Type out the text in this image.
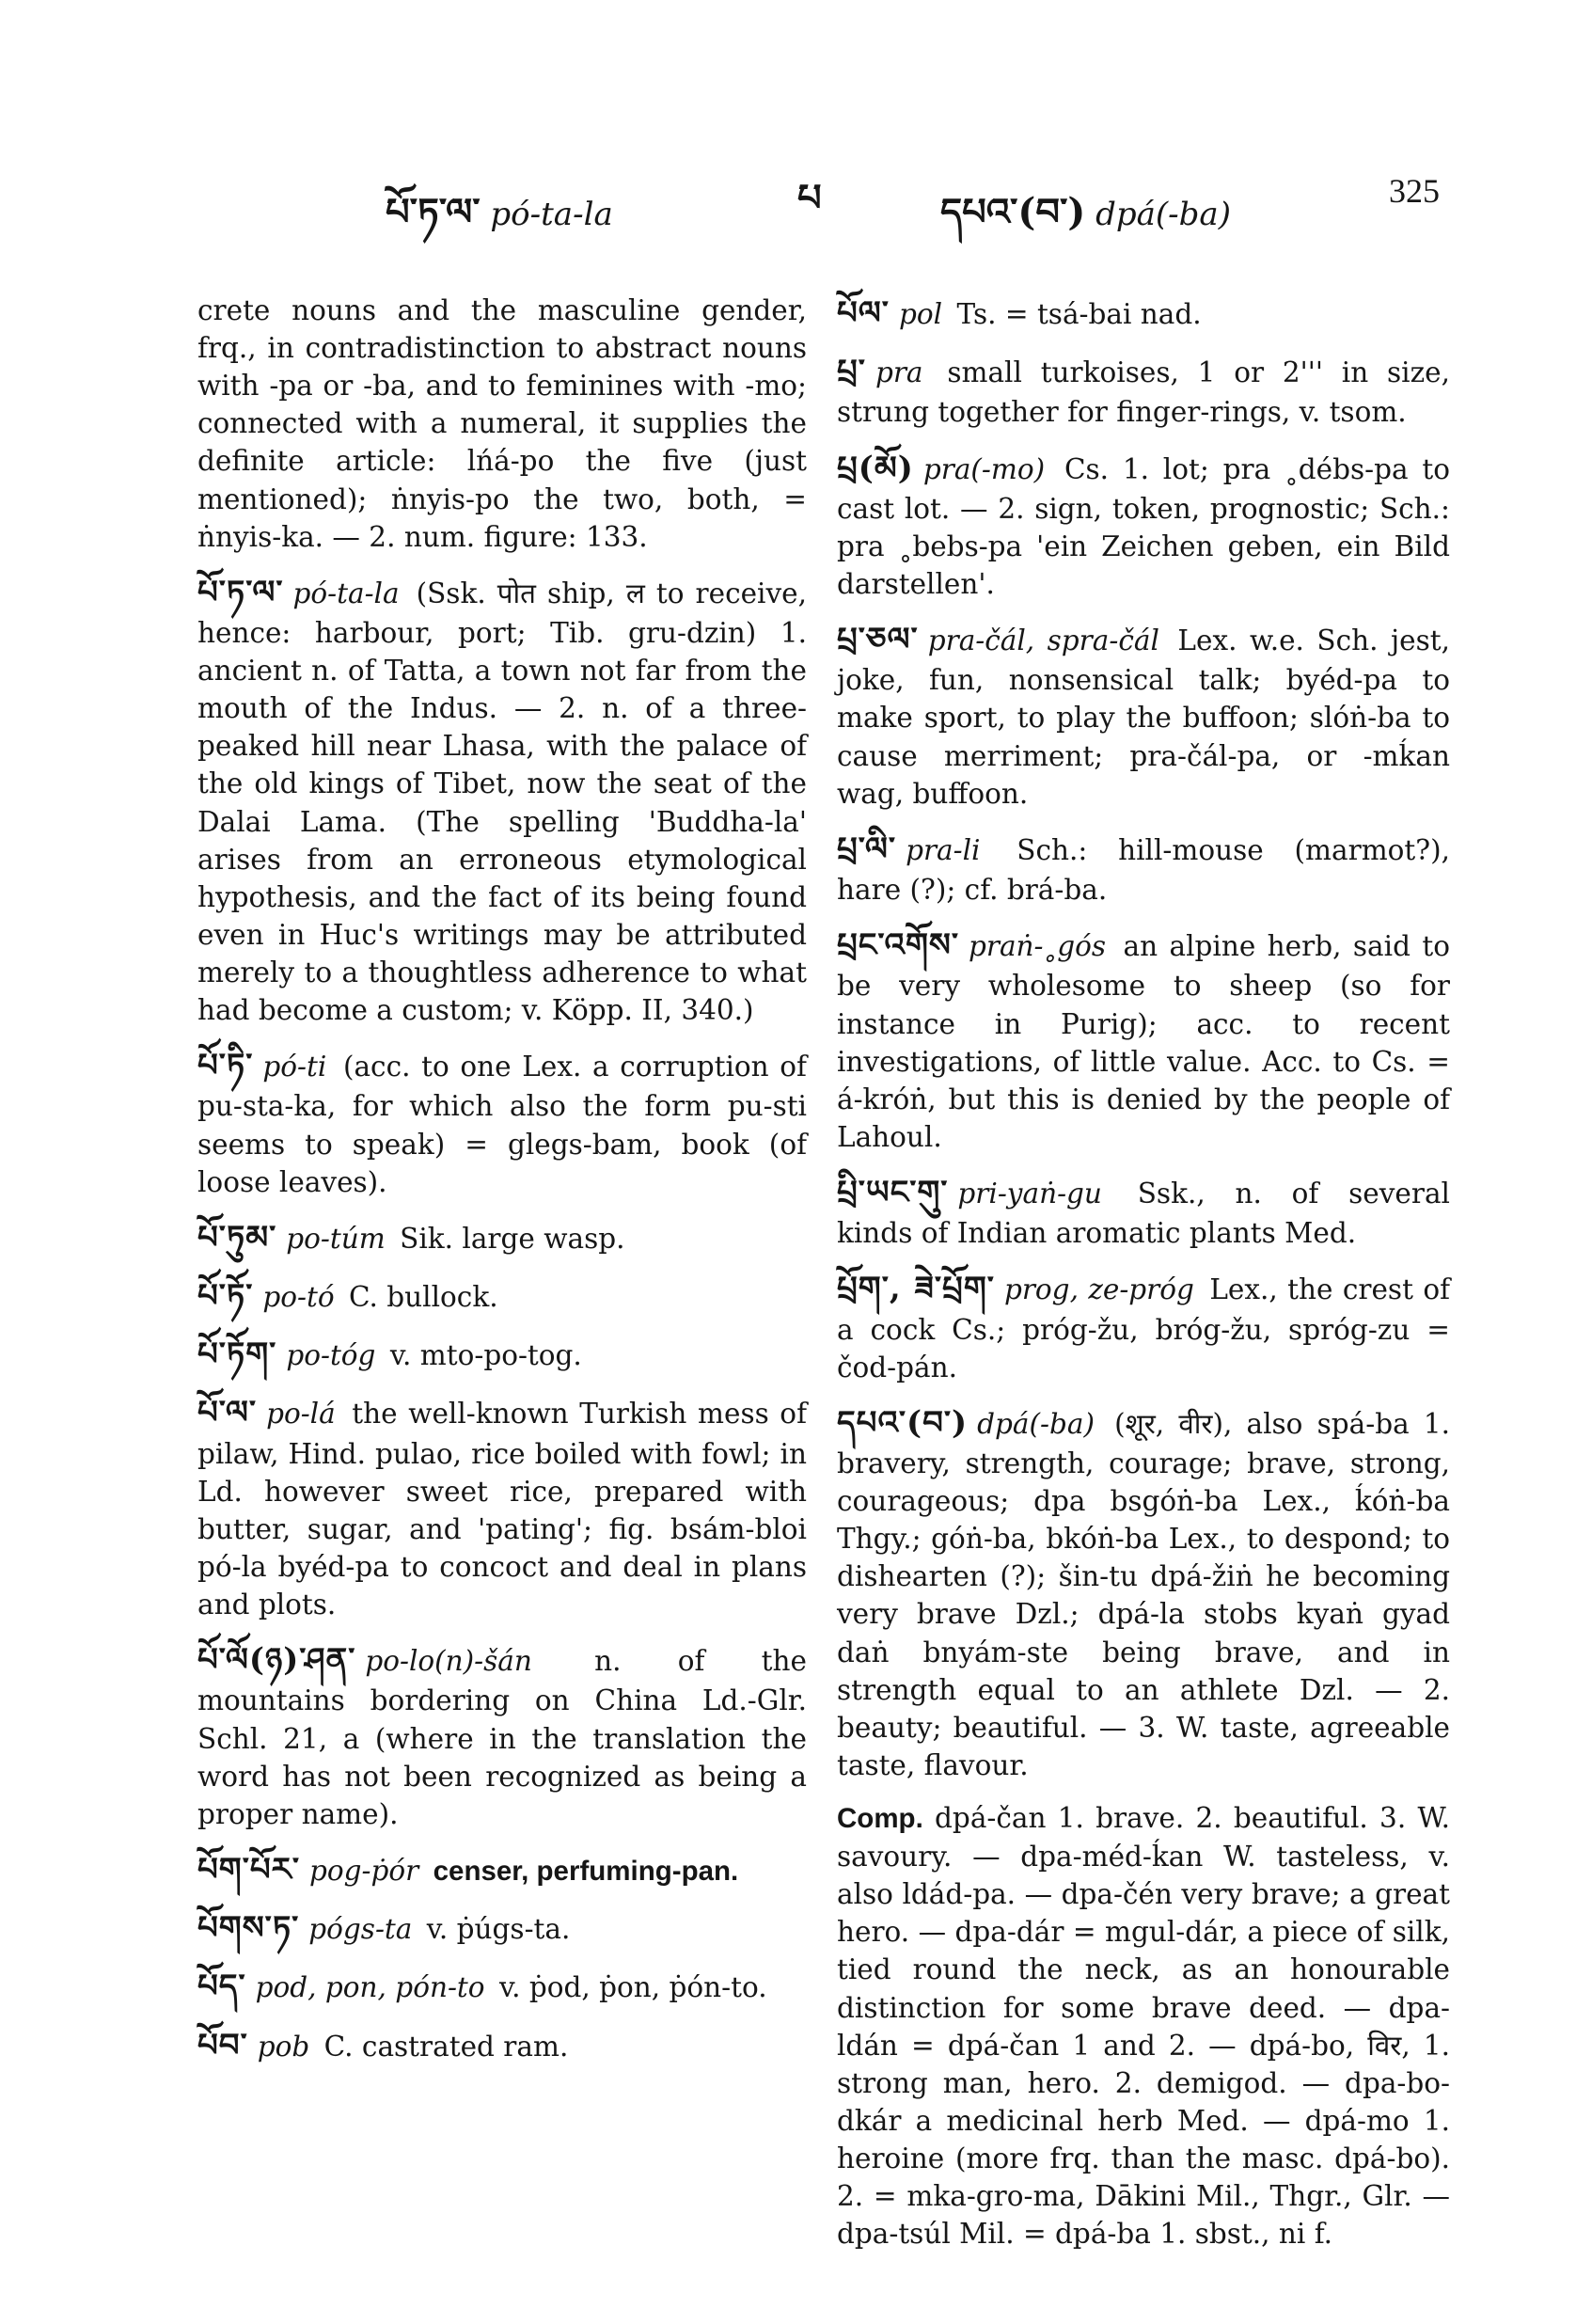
པོ་ཏ་ལ་ pó-ta-la	པ	དཔའ་(བ་) dpá(-ba)
325

crete nouns and the masculine gender, frq., in contradistinction to abstract nouns with -pa or -ba, and to feminines with -mo; connected with a numeral, it supplies the definite article: lńá-po the five (just mentioned); ṅnyis-po the two, both, = ṅnyis-ka. — 2. num. figure: 133.

པོ་ཏ་ལ་ pó-ta-la (Ssk. पोत ship, ल to receive, hence: harbour, port; Tib. gru-dzin) 1. ancient n. of Tatta, a town not far from the mouth of the Indus. — 2. n. of a three-peaked hill near Lhasa, with the palace of the old kings of Tibet, now the seat of the Dalai Lama. (The spelling 'Buddha-la' arises from an erroneous etymological hypothesis, and the fact of its being found even in Huc's writings may be attributed merely to a thoughtless adherence to what had become a custom; v. Köpp. II, 340.)

པོ་ཏི་ pó-ti (acc. to one Lex. a corruption of pu-sta-ka, for which also the form pu-sti seems to speak) = glegs-bam, book (of loose leaves).

པོ་ཏུམ་ po-túm Sik. large wasp.

པོ་ཏོ་ po-tó C. bullock.

པོ་ཏོག་ po-tóg v. mto-po-tog.

པོ་ལ་ po-lá the well-known Turkish mess of pilaw, Hind. pulao, rice boiled with fowl; in Ld. however sweet rice, prepared with butter, sugar, and 'pating'; fig. bsám-bloi pó-la byéd-pa to concoct and deal in plans and plots.

པོ་ལོ(ཉ)་ཤན་ po-lo(n)-šán n. of the mountains bordering on China Ld.-Glr. Schl. 21, a (where in the translation the word has not been recognized as being a proper name).

པོག་པོར་ pog-ṗór censer, perfuming-pan.

པོགས་ཏ་ pógs-ta v. ṗúgs-ta.

པོད་ pod, pon, pón-to v. ṗod, ṗon, ṗón-to.

པོབ་ pob C. castrated ram.

པོལ་ pol Ts. = tsá-bai nad.

པྲ་ pra small turkoises, 1 or 2''' in size, strung together for finger-rings, v. tsom.

པྲ(མོ) pra(-mo) Cs. 1. lot; pra ˳débs-pa to cast lot. — 2. sign, token, prognostic; Sch.: pra ˳bebs-pa 'ein Zeichen geben, ein Bild darstellen'.

པྲ་ཅལ་ pra-čál, spra-čál Lex. w.e. Sch. jest, joke, fun, nonsensical talk; byéd-pa to make sport, to play the buffoon; slóṅ-ba to cause merriment; pra-čál-pa, or -mḱan wag, buffoon.

པྲ་ལི་ pra-li Sch.: hill-mouse (marmot?), hare (?); cf. brá-ba.

པྲང་འགོས་ praṅ-˳gós an alpine herb, said to be very wholesome to sheep (so for instance in Purig); acc. to recent investigations, of little value. Acc. to Cs. = á-króṅ, but this is denied by the people of Lahoul.

པྲི་ཡང་གུ་ pri-yaṅ-gu Ssk., n. of several kinds of Indian aromatic plants Med.

པྲོག་, ཟེ་པྲོག་ prog, ze-próg Lex., the crest of a cock Cs.; próg-žu, bróg-žu, spróg-zu = čod-pán.

དཔའ་(བ་) dpá(-ba) (शूर, वीर), also spá-ba 1. bravery, strength, courage; brave, strong, courageous; dpa bsgóṅ-ba Lex., ḱóṅ-ba Thgy.; góṅ-ba, bkóṅ-ba Lex., to despond; to dishearten (?); šin-tu dpá-žiṅ he becoming very brave Dzl.; dpá-la stobs kyaṅ gyad daṅ bnyám-ste being brave, and in strength equal to an athlete Dzl. — 2. beauty; beautiful. — 3. W. taste, agreeable taste, flavour.

Comp. dpá-čan 1. brave. 2. beautiful. 3. W. savoury. — dpa-méd-ḱan W. tasteless, v. also ldád-pa. — dpa-čén very brave; a great hero. — dpa-dár = mgul-dár, a piece of silk, tied round the neck, as an honourable distinction for some brave deed. — dpa-ldán = dpá-čan 1 and 2. — dpá-bo, विर, 1. strong man, hero. 2. demigod. — dpa-bo-dkár a medicinal herb Med. — dpá-mo 1. heroine (more frq. than the masc. dpá-bo). 2. = mka-gro-ma, Dākini Mil., Thgr., Glr. — dpa-tsúl Mil. = dpá-ba 1. sbst., ni f.
